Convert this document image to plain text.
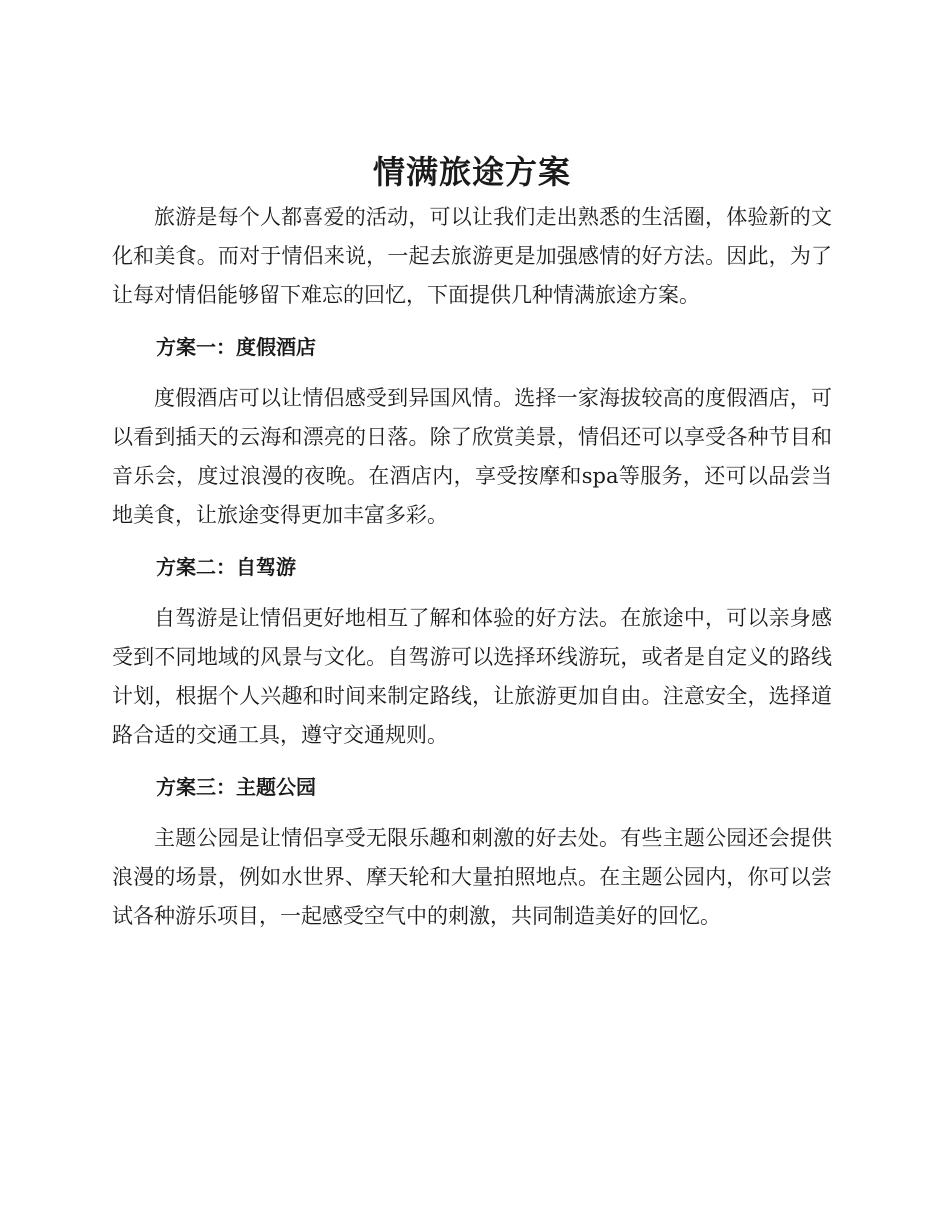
情满旅途方案

旅游是每个人都喜爱的活动，可以让我们走出熟悉的生活圈，体验新的文化和美食。而对于情侣来说，一起去旅游更是加强感情的好方法。因此，为了让每对情侣能够留下难忘的回忆，下面提供几种情满旅途方案。

方案一：度假酒店

度假酒店可以让情侣感受到异国风情。选择一家海拔较高的度假酒店，可以看到插天的云海和漂亮的日落。除了欣赏美景，情侣还可以享受各种节目和音乐会，度过浪漫的夜晚。在酒店内，享受按摩和spa等服务，还可以品尝当地美食，让旅途变得更加丰富多彩。

方案二：自驾游

自驾游是让情侣更好地相互了解和体验的好方法。在旅途中，可以亲身感受到不同地域的风景与文化。自驾游可以选择环线游玩，或者是自定义的路线计划，根据个人兴趣和时间来制定路线，让旅游更加自由。注意安全，选择道路合适的交通工具，遵守交通规则。

方案三：主题公园

主题公园是让情侣享受无限乐趣和刺激的好去处。有些主题公园还会提供浪漫的场景，例如水世界、摩天轮和大量拍照地点。在主题公园内，你可以尝试各种游乐项目，一起感受空气中的刺激，共同制造美好的回忆。
